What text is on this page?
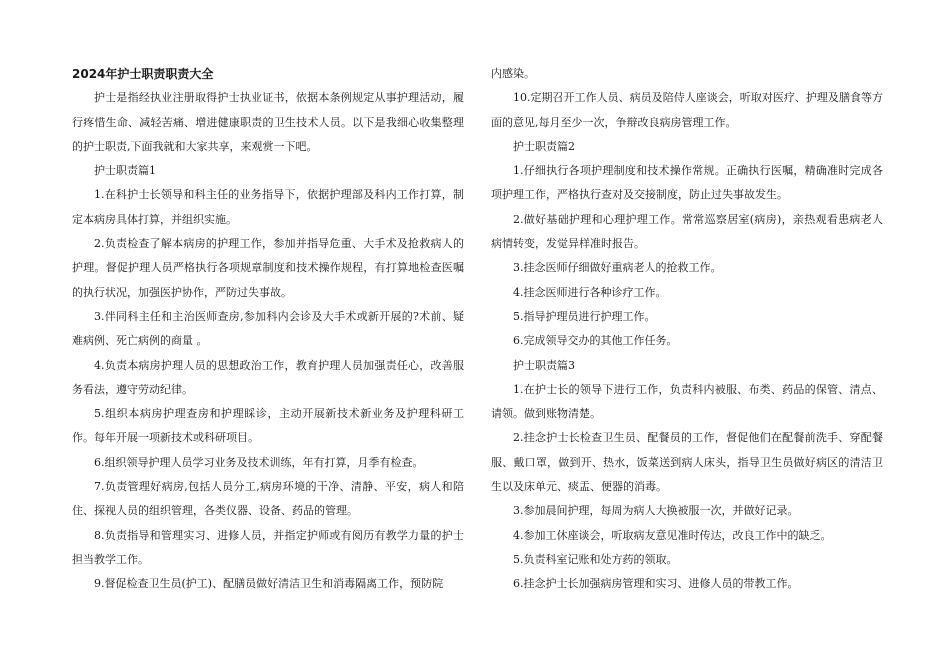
2024年护士职责职责大全

护士是指经执业注册取得护士执业证书，依据本条例规定从事护理活动，履行疼惜生命、减轻苦痛、增进健康职责的卫生技术人员。以下是我细心收集整理的护士职责,下面我就和大家共享，来观赏一下吧。

护士职责篇1

1.在科护士长领导和科主任的业务指导下，依据护理部及科内工作打算，制定本病房具体打算，并组织实施。

2.负责检查了解本病房的护理工作，参加并指导危重、大手术及抢救病人的护理。督促护理人员严格执行各项规章制度和技术操作规程，有打算地检查医嘱的执行状况，加强医护协作，严防过失事故。

3.伴同科主任和主治医师查房,参加科内会诊及大手术或新开展的?术前、疑难病例、死亡病例的商量 。

4.负责本病房护理人员的思想政治工作，教育护理人员加强责任心，改善服务看法，遵守劳动纪律。

5.组织本病房护理查房和护理睬诊，主动开展新技术新业务及护理科研工作。每年开展一项新技术或科研项目。

6.组织领导护理人员学习业务及技术训练，年有打算，月季有检查。

7.负责管理好病房,包括人员分工,病房环境的干净、清静、平安，病人和陪住、探视人员的组织管理，各类仪器、设备、药品的管理。

8.负责指导和管理实习、进修人员，并指定护师或有阅历有教学力量的护士担当教学工作。

9.督促检查卫生员(护工)、配膳员做好清洁卫生和消毒隔离工作，预防院

内感染。

10.定期召开工作人员、病员及陪侍人座谈会，听取对医疗、护理及膳食等方面的意见,每月至少一次，争辩改良病房管理工作。

护士职责篇2

1.仔细执行各项护理制度和技术操作常规。正确执行医嘱，精确准时完成各项护理工作，严格执行查对及交接制度，防止过失事故发生。

2.做好基础护理和心理护理工作。常常巡察居室(病房)，亲热观看患病老人病情转变，发觉异样准时报告。

3.挂念医师仔细做好重病老人的抢救工作。

4.挂念医师进行各种诊疗工作。

5.指导护理员进行护理工作。

6.完成领导交办的其他工作任务。

护士职责篇3

1.在护士长的领导下进行工作，负责科内被服、布类、药品的保管、清点、请领。做到账物清楚。

2.挂念护士长检查卫生员、配餐员的工作，督促他们在配餐前洗手、穿配餐服、戴口罩，做到开、热水，饭菜送到病人床头，指导卫生员做好病区的清洁卫生以及床单元、痰盂、便器的消毒。

3.参加晨间护理，每周为病人大换被服一次，并做好记录。

4.参加工休座谈会，听取病友意见准时传达，改良工作中的缺乏。

5.负责科室记账和处方药的领取。

6.挂念护士长加强病房管理和实习、进修人员的带教工作。
